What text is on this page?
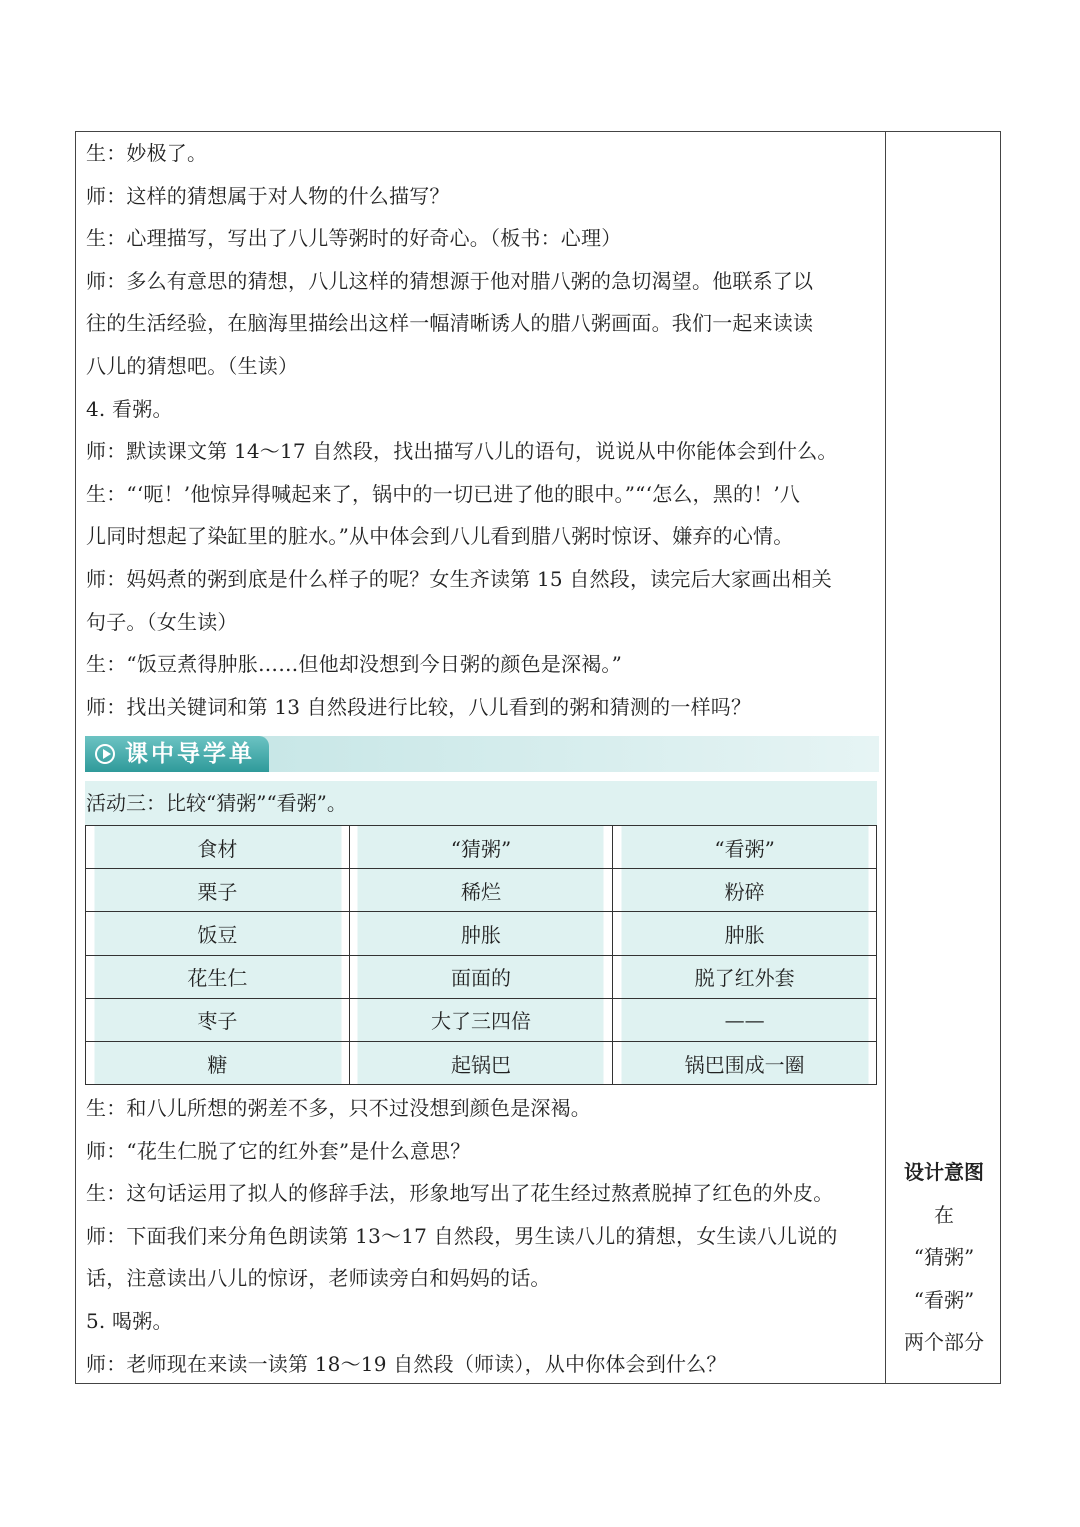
生：妙极了。
师：这样的猜想属于对人物的什么描写？
生：心理描写，写出了八儿等粥时的好奇心。（板书：心理）
师：多么有意思的猜想，八儿这样的猜想源于他对腊八粥的急切渴望。他联系了以
往的生活经验，在脑海里描绘出这样一幅清晰诱人的腊八粥画面。我们一起来读读
八儿的猜想吧。（生读）
4. 看粥。
师：默读课文第 14～17 自然段，找出描写八儿的语句，说说从中你能体会到什么。
生：“‘呃！’他惊异得喊起来了，锅中的一切已进了他的眼中。”“‘怎么，黑的！’八
儿同时想起了染缸里的脏水。”从中体会到八儿看到腊八粥时惊讶、嫌弃的心情。
师：妈妈煮的粥到底是什么样子的呢？女生齐读第 15 自然段，读完后大家画出相关
句子。（女生读）
生：“饭豆煮得肿胀……但他却没想到今日粥的颜色是深褐。”
师：找出关键词和第 13 自然段进行比较，八儿看到的粥和猜测的一样吗？
课中导学单
活动三：比较“猜粥”“看粥”。
食材	“猜粥”	“看粥”
栗子	稀烂	粉碎
饭豆	肿胀	肿胀
花生仁	面面的	脱了红外套
枣子	大了三四倍	——
糖	起锅巴	锅巴围成一圈
生：和八儿所想的粥差不多，只不过没想到颜色是深褐。
师：“花生仁脱了它的红外套”是什么意思？
生：这句话运用了拟人的修辞手法，形象地写出了花生经过熬煮脱掉了红色的外皮。
师：下面我们来分角色朗读第 13～17 自然段，男生读八儿的猜想，女生读八儿说的
话，注意读出八儿的惊讶，老师读旁白和妈妈的话。
5. 喝粥。
师：老师现在来读一读第 18～19 自然段（师读），从中你体会到什么？
设计意图
在
“猜粥”
“看粥”
两个部分
